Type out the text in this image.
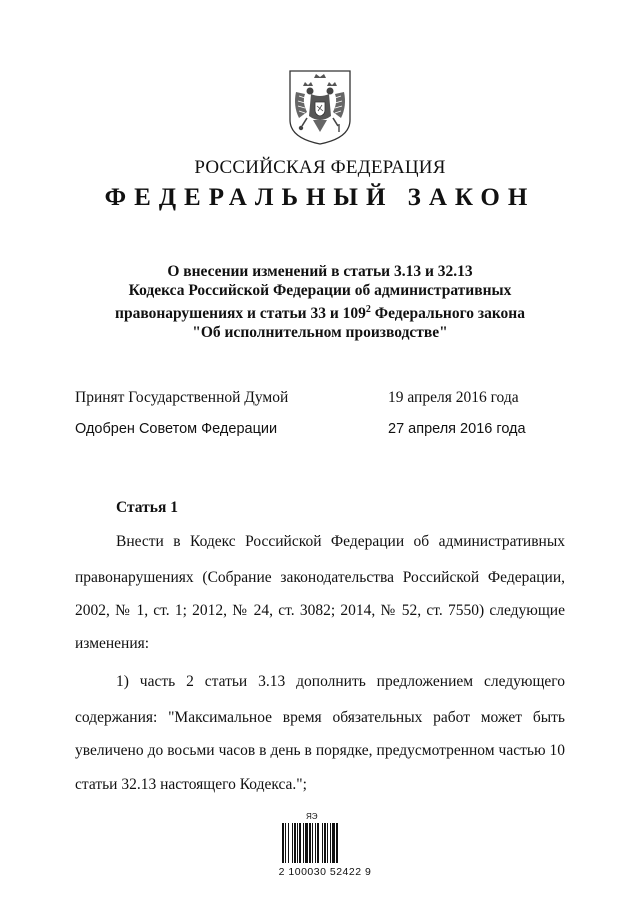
РОССИЙСКАЯ ФЕДЕРАЦИЯ
ФЕДЕРАЛЬНЫЙ ЗАКОН
О внесении изменений в статьи 3.13 и 32.13
Кодекса Российской Федерации об административных
правонарушениях и статьи 33 и $109^2$ Федерального закона
"Об исполнительном производстве"
Принят Государственной Думой	19 апреля 2016 года
Одобрен Советом Федерации	27 апреля 2016 года
Статья 1
Внести в Кодекс Российской Федерации об административных
правонарушениях (Собрание законодательства Российской Федерации,
2002, № 1, ст. 1; 2012, № 24, ст. 3082; 2014, № 52, ст. 7550) следующие
изменения:
1) часть 2 статьи 3.13 дополнить предложением следующего
содержания: "Максимальное время обязательных работ может быть
увеличено до восьми часов в день в порядке, предусмотренном частью 10
статьи 32.13 настоящего Кодекса.";
ЯЭ
2 100030 52422 9
